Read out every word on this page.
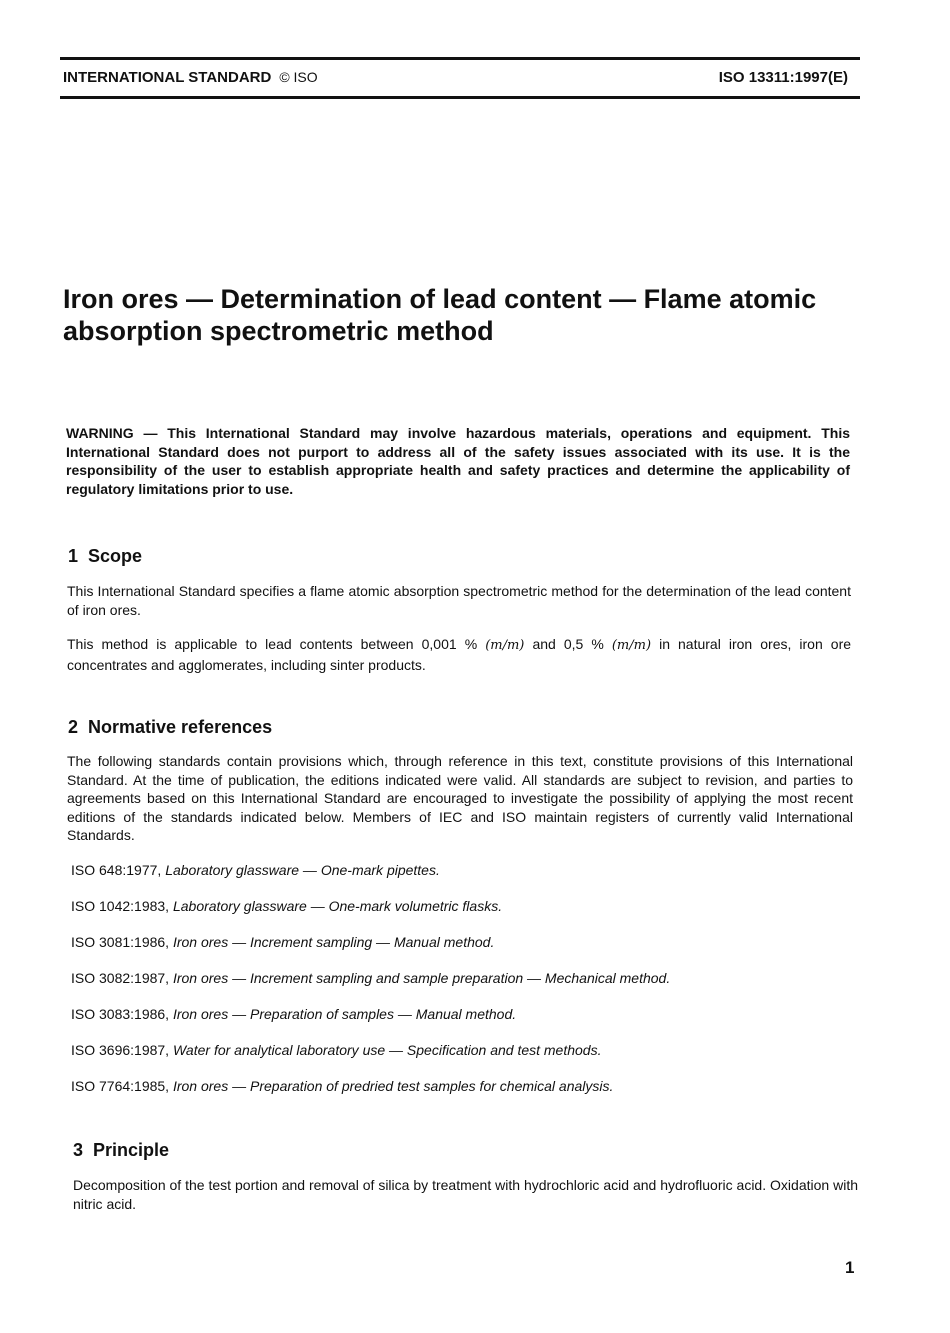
INTERNATIONAL STANDARD © ISO	ISO 13311:1997(E)
Iron ores — Determination of lead content — Flame atomic
absorption spectrometric method

WARNING — This International Standard may involve hazardous materials, operations and equipment. This International Standard does not purport to address all of the safety issues associated with its use. It is the responsibility of the user to establish appropriate health and safety practices and determine the applicability of regulatory limitations prior to use.

1 Scope

This International Standard specifies a flame atomic absorption spectrometric method for the determination of the lead content of iron ores.

This method is applicable to lead contents between 0,001 % (m/m) and 0,5 % (m/m) in natural iron ores, iron ore concentrates and agglomerates, including sinter products.

2 Normative references

The following standards contain provisions which, through reference in this text, constitute provisions of this International Standard. At the time of publication, the editions indicated were valid. All standards are subject to revision, and parties to agreements based on this International Standard are encouraged to investigate the possibility of applying the most recent editions of the standards indicated below. Members of IEC and ISO maintain registers of currently valid International Standards.

ISO 648:1977, Laboratory glassware — One-mark pipettes.

ISO 1042:1983, Laboratory glassware — One-mark volumetric flasks.

ISO 3081:1986, Iron ores — Increment sampling — Manual method.

ISO 3082:1987, Iron ores — Increment sampling and sample preparation — Mechanical method.

ISO 3083:1986, Iron ores — Preparation of samples — Manual method.

ISO 3696:1987, Water for analytical laboratory use — Specification and test methods.

ISO 7764:1985, Iron ores — Preparation of predried test samples for chemical analysis.

3 Principle

Decomposition of the test portion and removal of silica by treatment with hydrochloric acid and hydrofluoric acid. Oxidation with nitric acid.

1
